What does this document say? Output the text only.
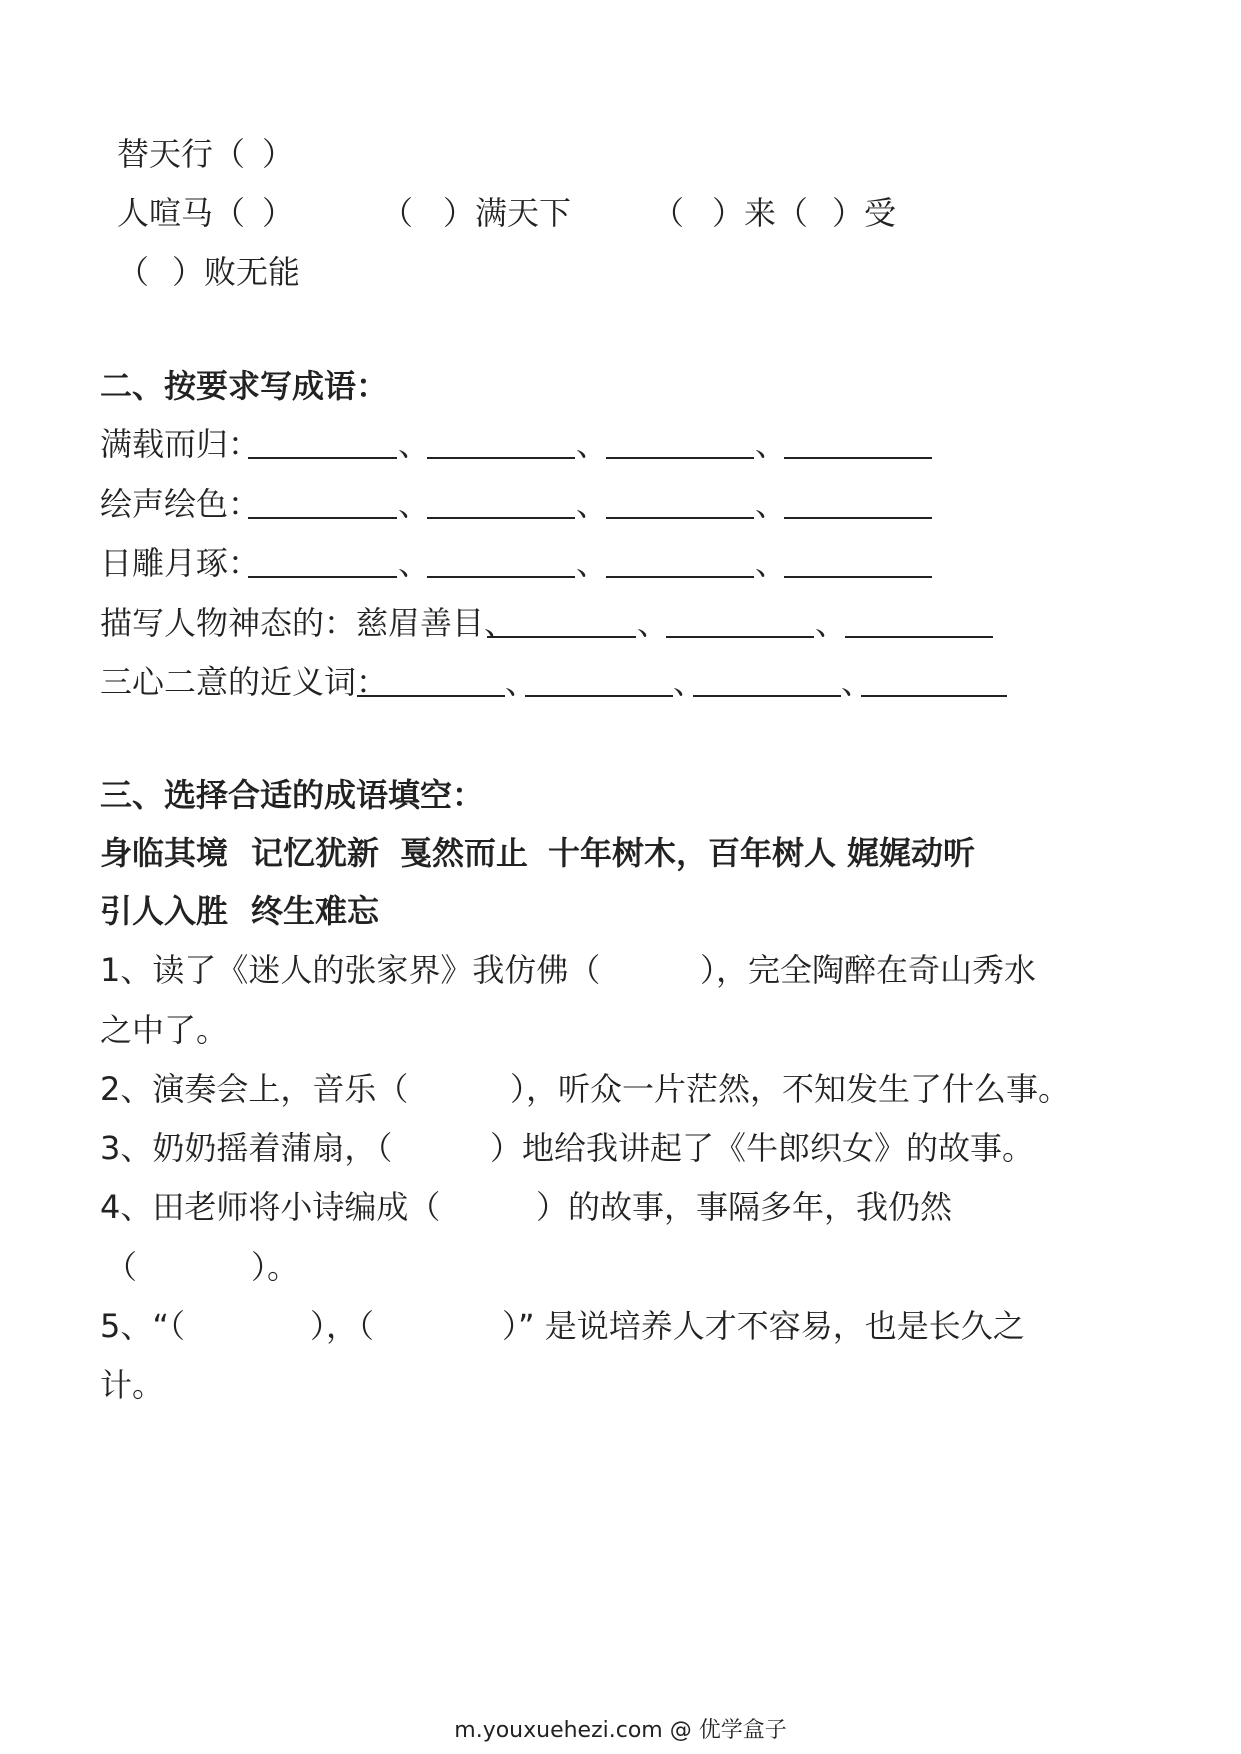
替天行（ ）
人喧马（ ）	（ ）满天下	（ ）来（ ）受
（ ）败无能
二、按要求写成语：
满载而归：	、	、	、
绘声绘色：	、	、	、
日雕月琢：	、	、	、
描写人物神态的：慈眉善目、	、	、
三心二意的近义词：	、	、	、
三、选择合适的成语填空：
身临其境 记忆犹新 戛然而止 十年树木，百年树人 娓娓动听
引人入胜 终生难忘
1、读了《迷人的张家界》我仿佛（	），完全陶醉在奇山秀水
之中了。
2、演奏会上，音乐（	），听众一片茫然，不知发生了什么事。
3、奶奶摇着蒲扇，（	）地给我讲起了《牛郎织女》的故事。
4、田老师将小诗编成（	）的故事，事隔多年，我仍然
（	）。
5、“（	），（	）” 是说培养人才不容易，也是长久之
计。
m.youxuehezi.com @ 优学盒子
